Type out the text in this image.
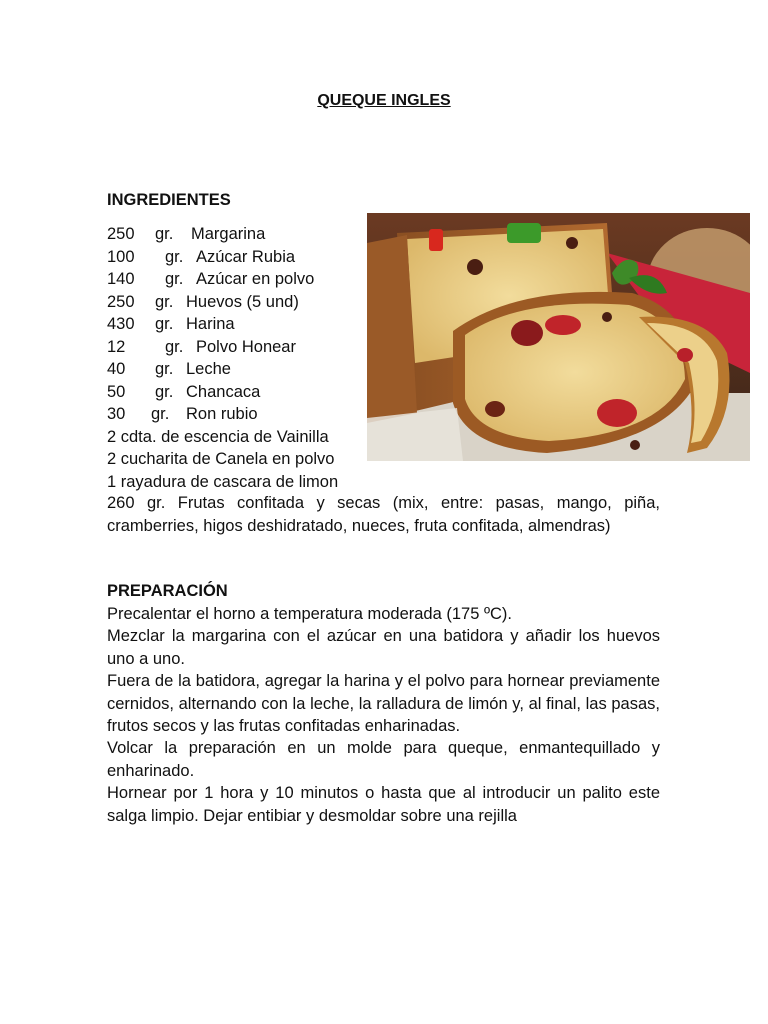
QUEQUE INGLES
INGREDIENTES
250 gr. Margarina
100 gr. Azúcar Rubia
140 gr. Azúcar en polvo
250 gr. Huevos (5 und)
430 gr. Harina
12 gr. Polvo Honear
40 gr. Leche
50 gr. Chancaca
30 gr. Ron rubio
2 cdta. de escencia de Vainilla
2 cucharita de Canela en polvo
1 rayadura de cascara de limon
260 gr. Frutas confitada y secas (mix, entre: pasas, mango, piña, cramberries, higos deshidratado, nueces, fruta confitada, almendras)
PREPARACIÓN

Precalentar el horno a temperatura moderada (175 ºC).

Mezclar la margarina con el azúcar en una batidora y añadir los huevos uno a uno.

Fuera de la batidora, agregar la harina y el polvo para hornear previamente cernidos, alternando con la leche, la ralladura de limón y, al final, las pasas, frutos secos y las frutas confitadas enharinadas.

Volcar la preparación en un molde para queque, enmantequillado y enharinado.

Hornear por 1 hora y 10 minutos o hasta que al introducir un palito este salga limpio. Dejar entibiar y desmoldar sobre una rejilla
